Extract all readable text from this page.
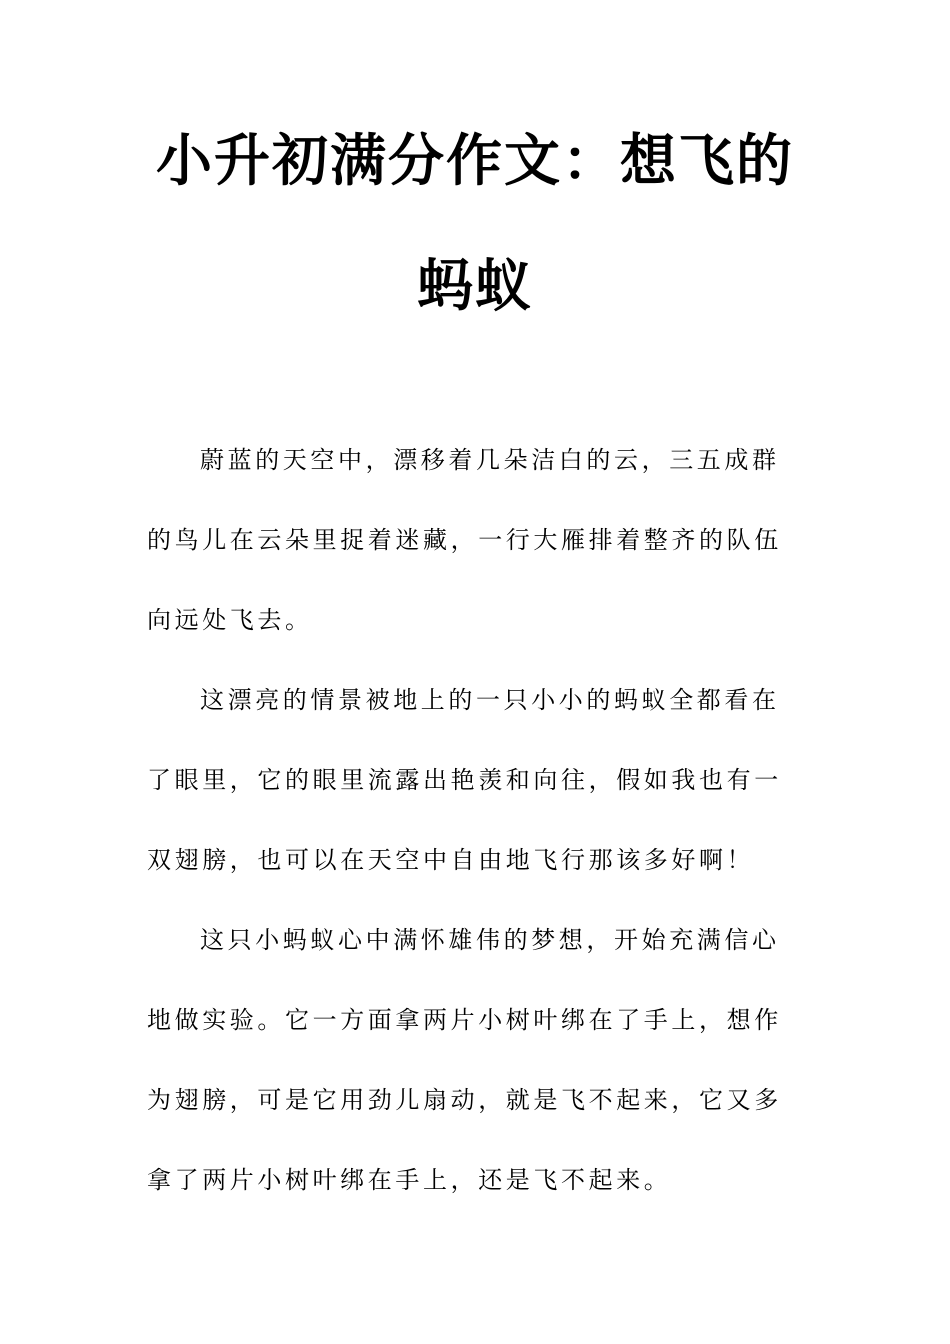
小升初满分作文：想飞的
蚂蚁

蔚蓝的天空中，漂移着几朵洁白的云，三五成群的鸟儿在云朵里捉着迷藏，一行大雁排着整齐的队伍向远处飞去。

这漂亮的情景被地上的一只小小的蚂蚁全都看在了眼里，它的眼里流露出艳羡和向往，假如我也有一双翅膀，也可以在天空中自由地飞行那该多好啊！

这只小蚂蚁心中满怀雄伟的梦想，开始充满信心地做实验。它一方面拿两片小树叶绑在了手上，想作为翅膀，可是它用劲儿扇动，就是飞不起来，它又多拿了两片小树叶绑在手上，还是飞不起来。
